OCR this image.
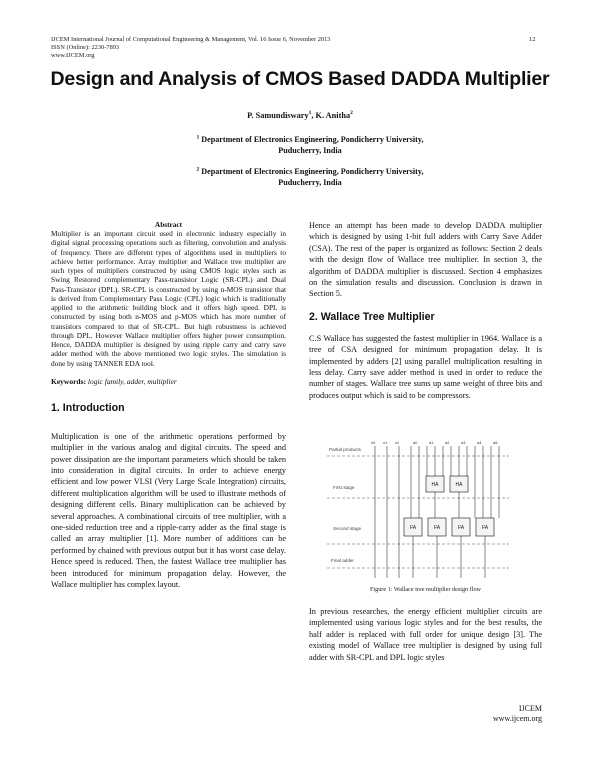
IJCEM International Journal of Computational Engineering & Management, Vol. 16 Issue 6, November 2013
ISSN (Online): 2230-7893
www.IJCEM.org
12
Design and Analysis of CMOS Based DADDA Multiplier
P. Samundiswary$^1$, K. Anitha$^2$
$^1$ Department of Electronics Engineering, Pondicherry University,
Puducherry, India
$^2$ Department of Electronics Engineering, Pondicherry University,
Puducherry, India
Abstract
Multiplier is an important circuit used in electronic industry especially in digital signal processing operations such as filtering, convolution and analysis of frequency. There are different types of algorithms used in multipliers to achieve better performance. Array multiplier and Wallace tree multiplier are such types of multipliers constructed by using CMOS logic styles such as Swing Restored complementary Pass-transistor Logic (SR-CPL) and Dual Pass-Transistor (DPL). SR-CPL is constructed by using n-MOS transistor that is derived from Complementary Pass Logic (CPL) logic which is traditionally applied to the arithmetic building block and it offers high speed. DPL is constructed by using both n-MOS and p-MOS which has more number of transistors compared to that of SR-CPL. But high robustness is achieved through DPL. However Wallace multiplier offers higher power consumption. Hence, DADDA multiplier is designed by using ripple carry and carry save adder method with the above mentioned two logic styles. The simulation is done by using TANNER EDA tool.
Keywords: logic family, adder, multiplier
1. Introduction
Multiplication is one of the arithmetic operations performed by multiplier in the various analog and digital circuits. The speed and power dissipation are the important parameters which should be taken into consideration in digital circuits. In order to achieve energy efficient and low power VLSI (Very Large Scale Integration) circuits, different multiplication algorithm will be used to illustrate methods of designing different cells. Binary multiplication can be achieved by several approaches. A combinational circuits of tree multiplier, with a one-sided reduction tree and a ripple-carry adder as the final stage is called an array multiplier [1]. More number of additions can be performed by chained with previous output but it has worst case delay. Hence speed is reduced. Then, the fastest Wallace tree multiplier has been introduced for minimum propagation delay. However, the Wallace multiplier has complex layout.
Hence an attempt has been made to develop DADDA multiplier which is designed by using 1-bit full adders with Carry Save Adder (CSA). The rest of the paper is organized as follows: Section 2 deals with the design flow of Wallace tree multiplier. In section 3, the algorithm of DADDA multiplier is discussed. Section 4 emphasizes on the simulation results and discussion. Conclusion is drawn in Section 5.
2. Wallace Tree Multiplier
C.S Wallace has suggested the fastest multiplier in 1964. Wallace is a tree of CSA designed for minimum propagation delay. It is implemented by adders [2] using parallel multiplication resulting in less delay. Carry save adder method is used in order to reduce the number of stages. Wallace tree sums up same weight of three bits and produces output which is said to be compressors.
Partial products
First stage
Second stage
Final adder
x0 x1 x2	a0	a1	a2	a3	a4	a5
HA	HA
FA	FA	FA	FA
Figure 1: Wallace tree multiplier design flow
In previous researches, the energy efficient multiplier circuits are implemented using various logic styles and for the best results, the half adder is replaced with full order for unique design [3]. The existing model of Wallace tree multiplier is designed by using full adder with SR-CPL and DPL logic styles
IJCEM
www.ijcem.org
